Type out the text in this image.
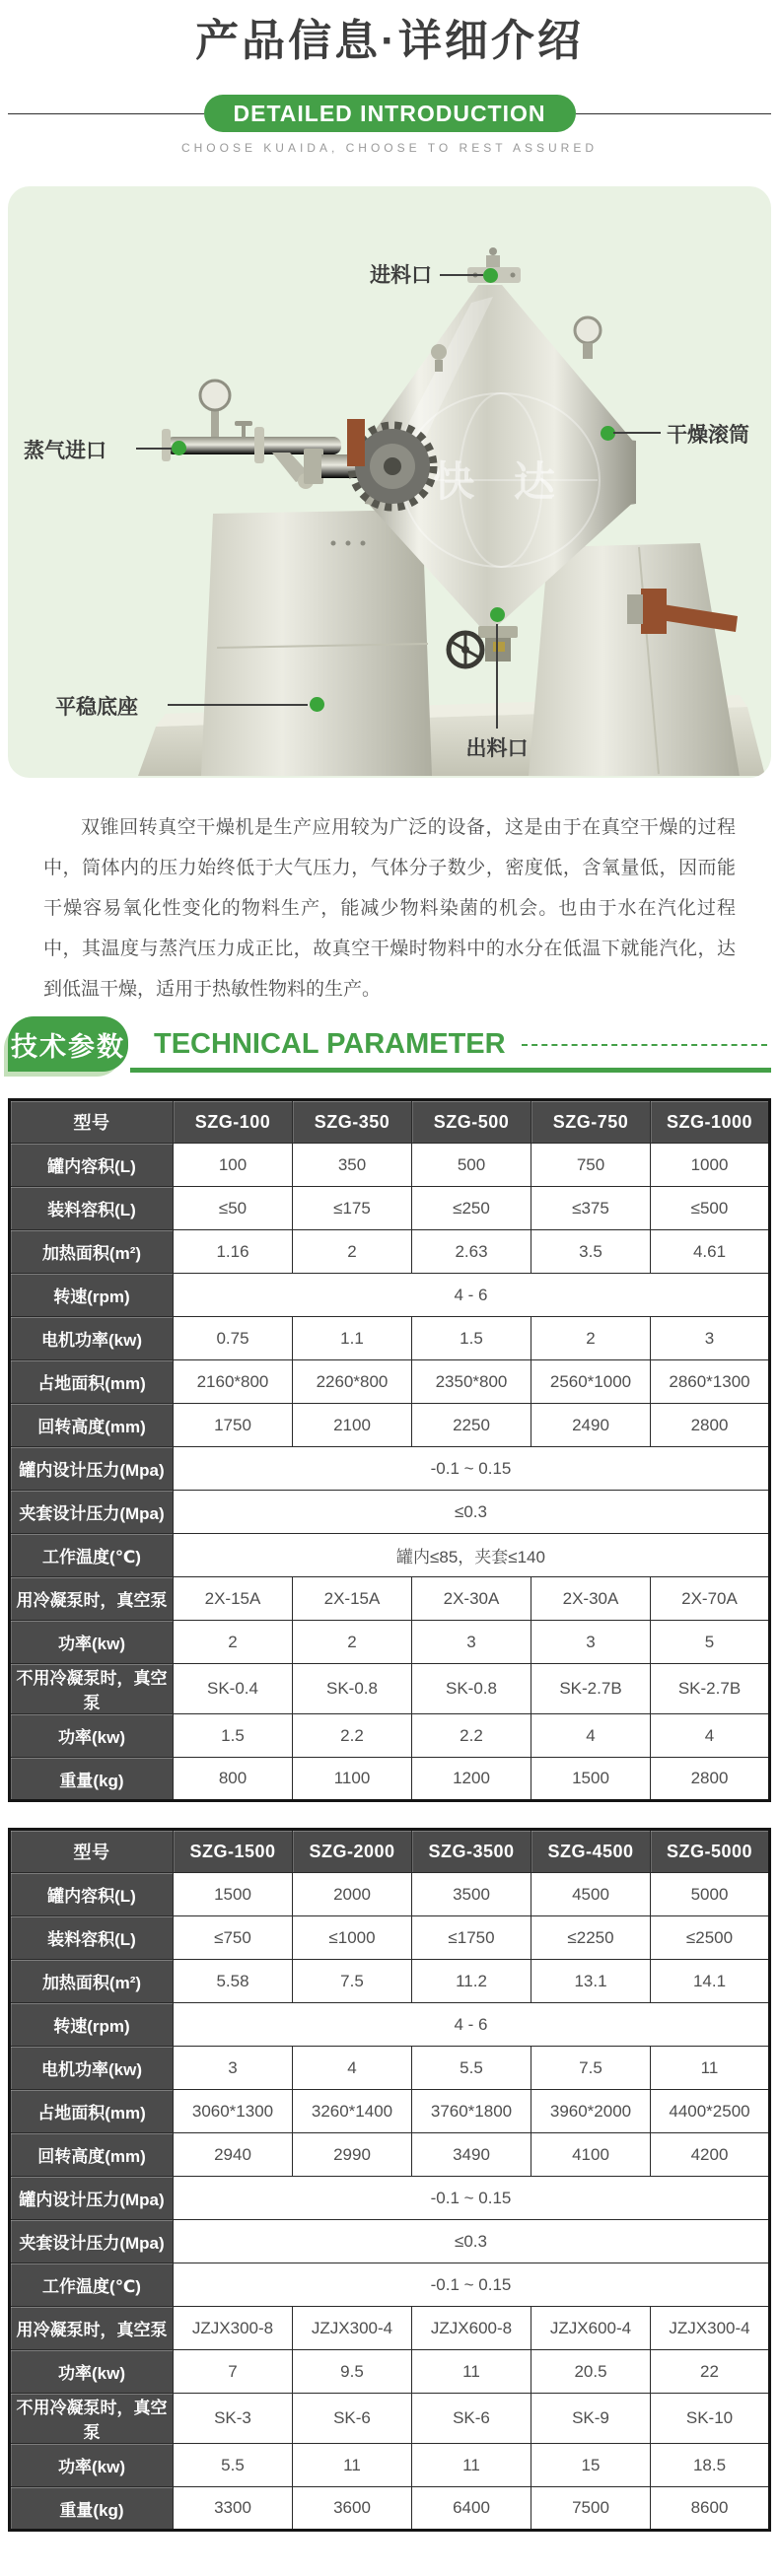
产品信息·详细介绍
DETAILED INTRODUCTION
CHOOSE KUAIDA, CHOOSE TO REST ASSURED
快 达
进料口
蒸气进口
干燥滚筒
平稳底座
出料口

双锥回转真空干燥机是生产应用较为广泛的设备，这是由于在真空干燥的过程中，筒体内的压力始终低于大气压力，气体分子数少，密度低，含氧量低，因而能干燥容易氧化性变化的物料生产，能减少物料染菌的机会。也由于水在汽化过程中，其温度与蒸汽压力成正比，故真空干燥时物料中的水分在低温下就能汽化，达到低温干燥，适用于热敏性物料的生产。

技术参数 TECHNICAL PARAMETER
型号	SZG-100	SZG-350	SZG-500	SZG-750	SZG-1000
罐内容积(L)	100	350	500	750	1000
装料容积(L)	≤50	≤175	≤250	≤375	≤500
加热面积(m²)	1.16	2	2.63	3.5	4.61
转速(rpm)	4 - 6				
电机功率(kw)	0.75	1.1	1.5	2	3
占地面积(mm)	2160*800	2260*800	2350*800	2560*1000	2860*1300
回转高度(mm)	1750	2100	2250	2490	2800
罐内设计压力(Mpa)	-0.1 ~ 0.15				
夹套设计压力(Mpa)	≤0.3				
工作温度(℃)	罐内≤85，夹套≤140				
用冷凝泵时，真空泵	2X-15A	2X-15A	2X-30A	2X-30A	2X-70A
功率(kw)	2	2	3	3	5
不用冷凝泵时，真空泵	SK-0.4	SK-0.8	SK-0.8	SK-2.7B	SK-2.7B
功率(kw)	1.5	2.2	2.2	4	4
重量(kg)	800	1100	1200	1500	2800
型号	SZG-1500	SZG-2000	SZG-3500	SZG-4500	SZG-5000
罐内容积(L)	1500	2000	3500	4500	5000
装料容积(L)	≤750	≤1000	≤1750	≤2250	≤2500
加热面积(m²)	5.58	7.5	11.2	13.1	14.1
转速(rpm)	4 - 6				
电机功率(kw)	3	4	5.5	7.5	11
占地面积(mm)	3060*1300	3260*1400	3760*1800	3960*2000	4400*2500
回转高度(mm)	2940	2990	3490	4100	4200
罐内设计压力(Mpa)	-0.1 ~ 0.15				
夹套设计压力(Mpa)	≤0.3				
工作温度(℃)	-0.1 ~ 0.15				
用冷凝泵时，真空泵	JZJX300-8	JZJX300-4	JZJX600-8	JZJX600-4	JZJX300-4
功率(kw)	7	9.5	11	20.5	22
不用冷凝泵时，真空泵	SK-3	SK-6	SK-6	SK-9	SK-10
功率(kw)	5.5	11	11	15	18.5
重量(kg)	3300	3600	6400	7500	8600
